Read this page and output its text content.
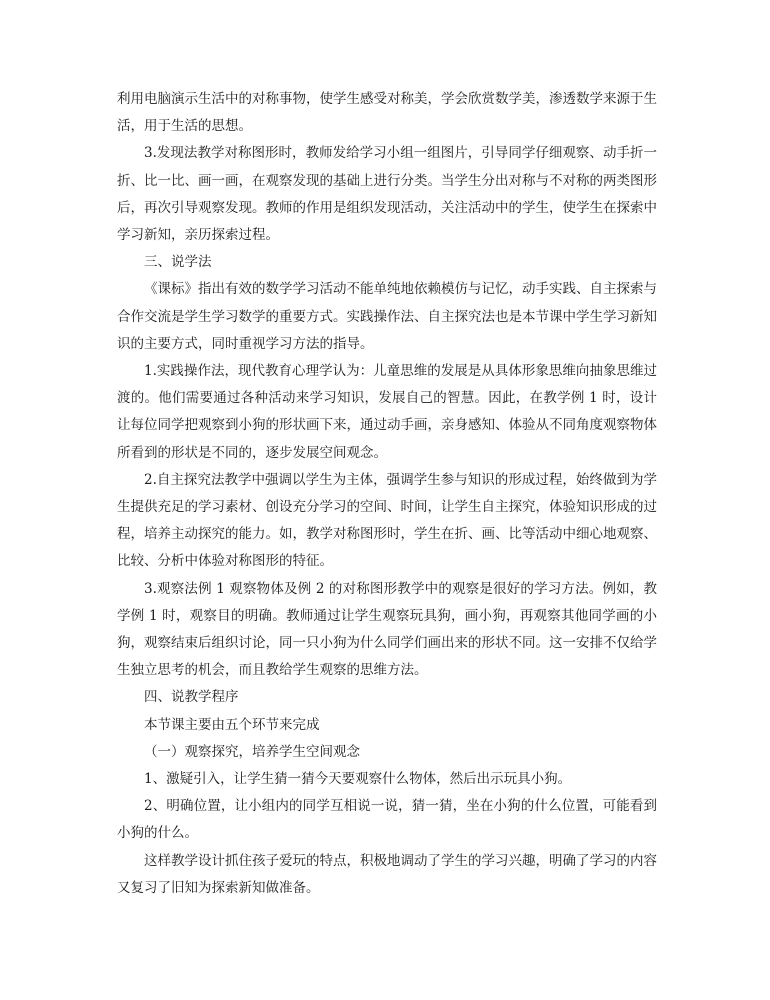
利用电脑演示生活中的对称事物，使学生感受对称美，学会欣赏数学美，渗透数学来源于生活，用于生活的思想。

3.发现法教学对称图形时，教师发给学习小组一组图片，引导同学仔细观察、动手折一折、比一比、画一画，在观察发现的基础上进行分类。当学生分出对称与不对称的两类图形后，再次引导观察发现。教师的作用是组织发现活动，关注活动中的学生，使学生在探索中学习新知，亲历探索过程。

三、说学法

《课标》指出有效的数学学习活动不能单纯地依赖模仿与记忆，动手实践、自主探索与合作交流是学生学习数学的重要方式。实践操作法、自主探究法也是本节课中学生学习新知识的主要方式，同时重视学习方法的指导。

1.实践操作法，现代教育心理学认为：儿童思维的发展是从具体形象思维向抽象思维过渡的。他们需要通过各种活动来学习知识，发展自己的智慧。因此，在教学例 1 时，设计让每位同学把观察到小狗的形状画下来，通过动手画，亲身感知、体验从不同角度观察物体所看到的形状是不同的，逐步发展空间观念。

2.自主探究法教学中强调以学生为主体，强调学生参与知识的形成过程，始终做到为学生提供充足的学习素材、创设充分学习的空间、时间，让学生自主探究，体验知识形成的过程，培养主动探究的能力。如，教学对称图形时，学生在折、画、比等活动中细心地观察、比较、分析中体验对称图形的特征。

3.观察法例 1 观察物体及例 2 的对称图形教学中的观察是很好的学习方法。例如，教学例 1 时，观察目的明确。教师通过让学生观察玩具狗，画小狗，再观察其他同学画的小狗，观察结束后组织讨论，同一只小狗为什么同学们画出来的形状不同。这一安排不仅给学生独立思考的机会，而且教给学生观察的思维方法。

四、说教学程序

本节课主要由五个环节来完成

（一）观察探究，培养学生空间观念

1、激疑引入，让学生猜一猜今天要观察什么物体，然后出示玩具小狗。

2、明确位置，让小组内的同学互相说一说，猜一猜，坐在小狗的什么位置，可能看到小狗的什么。

这样教学设计抓住孩子爱玩的特点，积极地调动了学生的学习兴趣，明确了学习的内容又复习了旧知为探索新知做准备。
